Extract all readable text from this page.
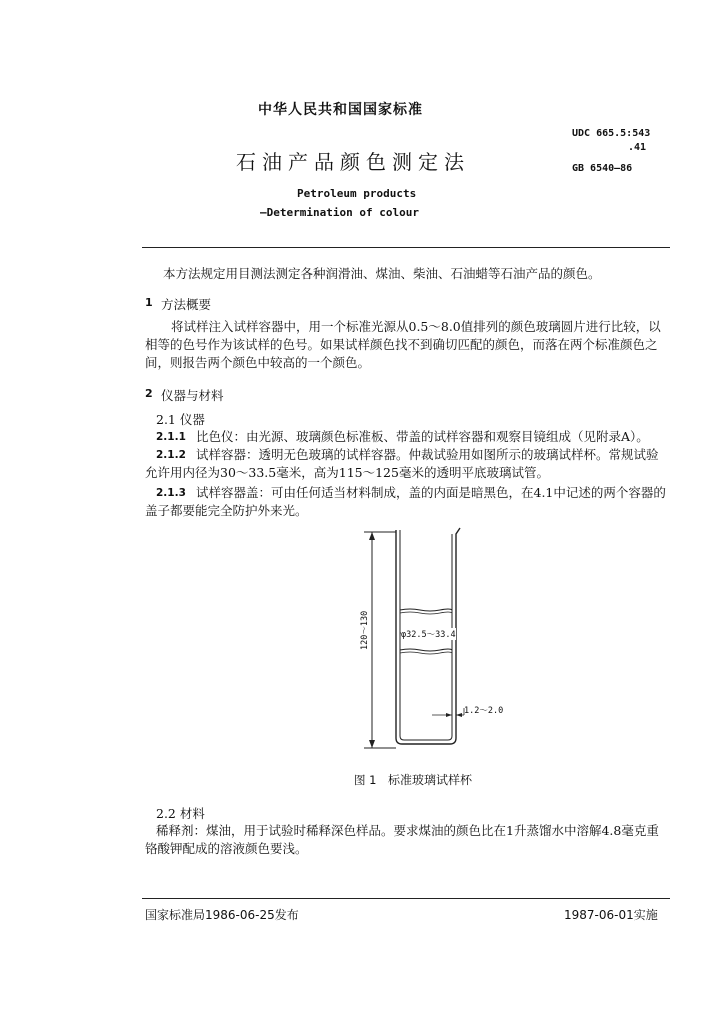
中华人民共和国国家标准
石油产品颜色测定法
Petroleum products
—Determination of colour
UDC 665.5:543
.41
GB 6540—86
本方法规定用目测法测定各种润滑油、煤油、柴油、石油蜡等石油产品的颜色。
1 方法概要
将试样注入试样容器中，用一个标准光源从0.5～8.0值排列的颜色玻璃圆片进行比较，以相等的色号作为该试样的色号。如果试样颜色找不到确切匹配的颜色，而落在两个标准颜色之间，则报告两个颜色中较高的一个颜色。
2 仪器与材料
2.1 仪器
2.1.1 比色仪：由光源、玻璃颜色标准板、带盖的试样容器和观察目镜组成（见附录A）。
2.1.2 试样容器：透明无色玻璃的试样容器。仲裁试验用如图所示的玻璃试样杯。常规试验允许用内径为30～33.5毫米，高为115～125毫米的透明平底玻璃试管。
2.1.3 试样容器盖：可由任何适当材料制成，盖的内面是暗黑色，在4.1中记述的两个容器的盖子都要能完全防护外来光。
120～130	φ32.5～33.4
1.2～2.0
图 1 标准玻璃试样杯
2.2 材料
稀释剂：煤油，用于试验时稀释深色样品。要求煤油的颜色比在1升蒸馏水中溶解4.8毫克重铬酸钾配成的溶液颜色要浅。
国家标准局1986-06-25发布	1987-06-01实施
